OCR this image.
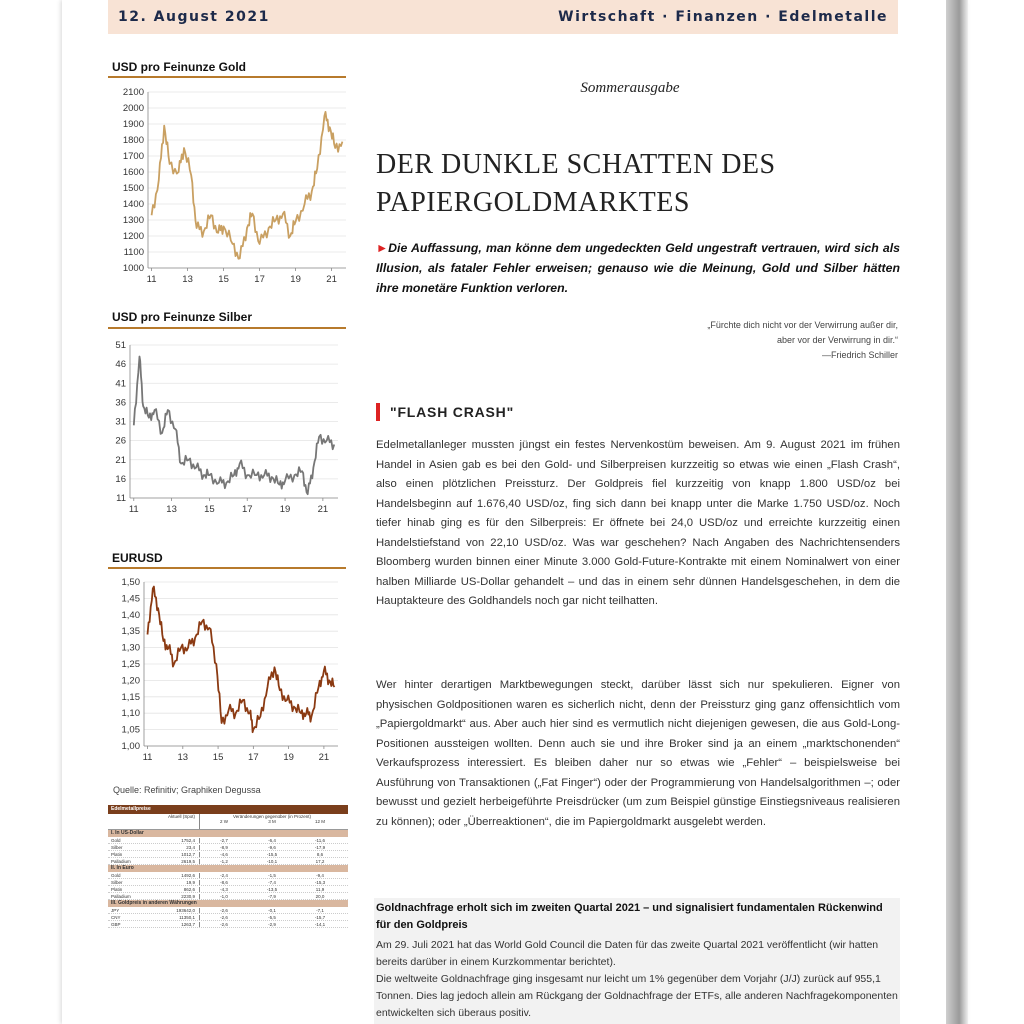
12. August 2021	Wirtschaft · Finanzen · Edelmetalle
USD pro Feinunze Gold
1000
1100
1200
1300
1400
1500
1600
1700
1800
1900
2000
2100
11	13	15	17	19	21
USD pro Feinunze Silber
11
16
21
26
31
36
41
46
51
11	13	15	17	19	21
EURUSD
1,00
1,05
1,10
1,15
1,20
1,25
1,30
1,35
1,40
1,45
1,50
11	13	15	17	19	21
Quelle: Refinitiv; Graphiken Degussa
Edelmetallpreise
Aktuell (Spot)	Veränderungen gegenüber (in Prozent)
2 W	3 M	12 M
I. In US-Dollar
Gold	1752,4	-2,7	-6,4	-11,6
Silber	23,4	-8,9	-9,6	-17,9
Platin	1012,7	-4,6	-15,5	8,6
Palladium	2619,5	-1,2	-10,1	17,2
II. In Euro
Gold	1492,6	-2,4	-1,5	-9,4
Silber	19,9	-8,6	-7,4	-15,3
Platin	862,6	-4,3	-13,5	11,9
Palladium	2230,9	-1,0	-7,9	20,0
III. Goldpreis in anderen Währungen
JPY	193642,0	-2,6	-0,1	-7,1
CNY	11350,1	-2,6	-5,5	-15,7
GBP	1263,7	-2,6	-2,9	-14,1
Sommerausgabe
DER DUNKLE SCHATTEN DES
PAPIERGOLDMARKTES
►Die Auffassung, man könne dem ungedeckten Geld ungestraft vertrauen, wird sich als Illusion, als fataler Fehler erweisen; genauso wie die Meinung, Gold und Silber hätten ihre monetäre Funktion verloren.
„Fürchte dich nicht vor der Verwirrung außer dir,
aber vor der Verwirrung in dir.“
—Friedrich Schiller
"FLASH CRASH"
Edelmetallanleger mussten jüngst ein festes Nervenkostüm beweisen. Am 9. August 2021 im frühen Handel in Asien gab es bei den Gold- und Silberpreisen kurzzeitig so etwas wie einen „Flash Crash“, also einen plötzlichen Preissturz. Der Goldpreis fiel kurzzeitig von knapp 1.800 USD/oz bei Handelsbeginn auf 1.676,40 USD/oz, fing sich dann bei knapp unter die Marke 1.750 USD/oz. Noch tiefer hinab ging es für den Silberpreis: Er öffnete bei 24,0 USD/oz und erreichte kurzzeitig einen Handelstiefstand von 22,10 USD/oz. Was war geschehen? Nach Angaben des Nachrichtensenders Bloomberg wurden binnen einer Minute 3.000 Gold-Future-Kontrakte mit einem Nominalwert von einer halben Milliarde US-Dollar gehandelt – und das in einem sehr dünnen Handelsgeschehen, in dem die Hauptakteure des Goldhandels noch gar nicht teilhatten.
Wer hinter derartigen Marktbewegungen steckt, darüber lässt sich nur spekulieren. Eigner von physischen Goldpositionen waren es sicherlich nicht, denn der Preissturz ging ganz offensichtlich vom „Papiergoldmarkt“ aus. Aber auch hier sind es vermutlich nicht diejenigen gewesen, die aus Gold-Long-Positionen aussteigen wollten. Denn auch sie und ihre Broker sind ja an einem „marktschonenden“ Verkaufsprozess interessiert. Es bleiben daher nur so etwas wie „Fehler“ – beispielsweise bei Ausführung von Transaktionen („Fat Finger“) oder der Programmierung von Handelsalgorithmen –; oder bewusst und gezielt herbeigeführte Preisdrücker (um zum Beispiel günstige Einstiegsniveaus realisieren zu können); oder „Überreaktionen“, die im Papiergoldmarkt ausgelebt werden.
Goldnachfrage erholt sich im zweiten Quartal 2021 – und signalisiert fundamentalen Rückenwind für den Goldpreis
Am 29. Juli 2021 hat das World Gold Council die Daten für das zweite Quartal 2021 veröffentlicht (wir hatten bereits darüber in einem Kurzkommentar berichtet).
Die weltweite Goldnachfrage ging insgesamt nur leicht um 1% gegenüber dem Vorjahr (J/J) zurück auf 955,1 Tonnen. Dies lag jedoch allein am Rückgang der Goldnachfrage der ETFs, alle anderen Nachfragekomponenten entwickelten sich überaus positiv.
